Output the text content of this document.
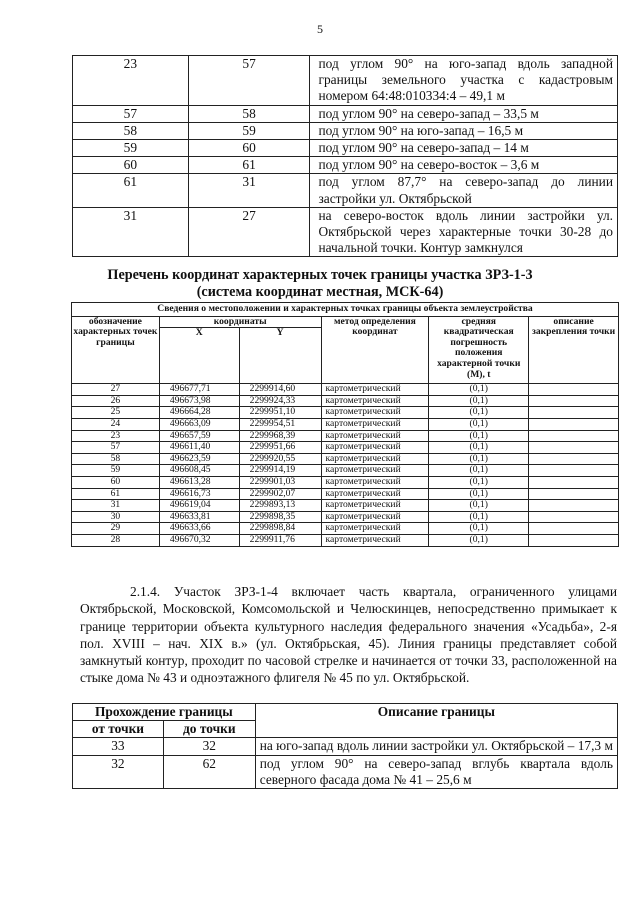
5
23	57	под углом 90° на юго-запад вдоль западной границы земельного участка с кадастровым номером 64:48:010334:4 – 49,1 м
57	58	под углом 90° на северо-запад – 33,5 м
58	59	под углом 90° на юго-запад – 16,5 м
59	60	под углом 90° на северо-запад – 14 м
60	61	под углом 90° на северо-восток – 3,6 м
61	31	под углом 87,7° на северо-запад до линии застройки ул. Октябрьской
31	27	на северо-восток вдоль линии застройки ул. Октябрьской через характерные точки 30-28 до начальной точки. Контур замкнулся
Перечень координат характерных точек границы участка ЗРЗ-1-3
(система координат местная, МСК-64)
Сведения о местоположении и характерных точках границы объекта землеустройства					
обозначение характерных точек границы	координаты		метод определения координат	средняя квадратическая погрешность положения характерной точки (М), t	описание закрепления точки
	X	Y			
27	496677,71	2299914,60	картометрический	(0,1)	
26	496673,98	2299924,33	картометрический	(0,1)	
25	496664,28	2299951,10	картометрический	(0,1)	
24	496663,09	2299954,51	картометрический	(0,1)	
23	496657,59	2299968,39	картометрический	(0,1)	
57	496611,40	2299951,66	картометрический	(0,1)	
58	496623,59	2299920,55	картометрический	(0,1)	
59	496608,45	2299914,19	картометрический	(0,1)	
60	496613,28	2299901,03	картометрический	(0,1)	
61	496616,73	2299902,07	картометрический	(0,1)	
31	496619,04	2299893,13	картометрический	(0,1)	
30	496633,81	2299898,35	картометрический	(0,1)	
29	496633,66	2299898,84	картометрический	(0,1)	
28	496670,32	2299911,76	картометрический	(0,1)	
2.1.4. Участок ЗРЗ-1-4 включает часть квартала, ограниченного улицами Октябрьской, Московской, Комсомольской и Челюскинцев, непосредственно примыкает к границе территории объекта культурного наследия федерального значения «Усадьба», 2-я пол. XVIII – нач. XIX в.» (ул. Октябрьская, 45). Линия границы представляет собой замкнутый контур, проходит по часовой стрелке и начинается от точки 33, расположенной на стыке дома № 43 и одноэтажного флигеля № 45 по ул. Октябрьской.
Прохождение границы		Описание границы
от точки	до точки	
33	32	на юго-запад вдоль линии застройки ул. Октябрьской – 17,3 м
32	62	под углом 90° на северо-запад вглубь квартала вдоль северного фасада дома № 41 – 25,6 м
